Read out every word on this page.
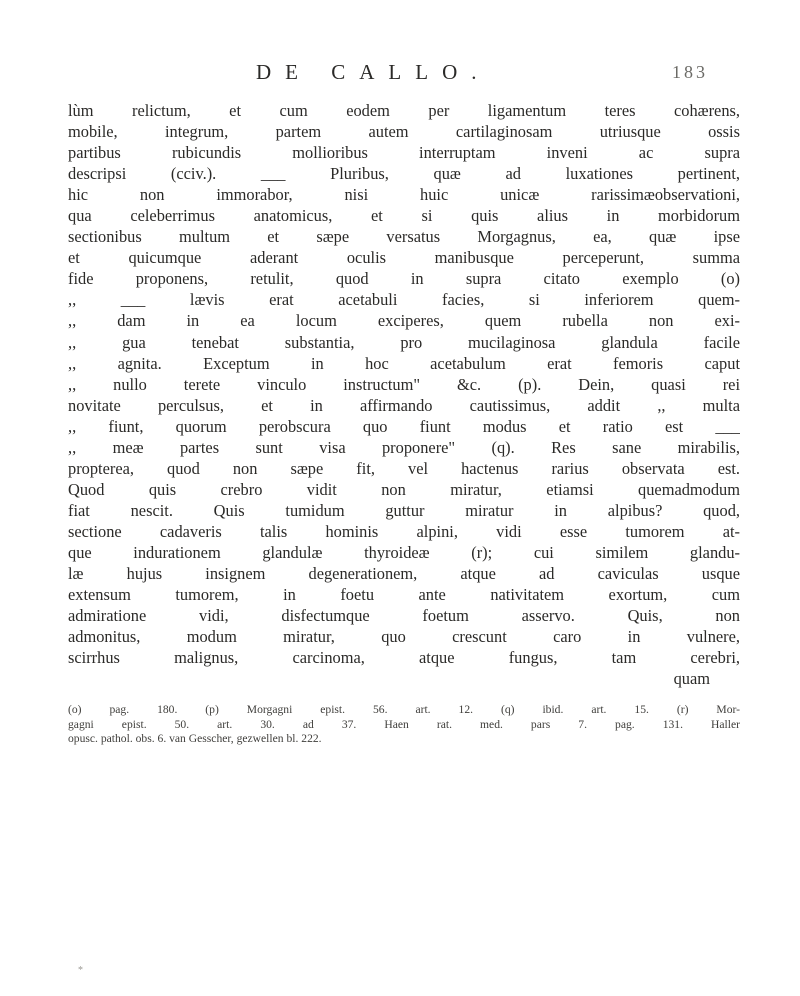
DE CALLO.	183
lùm relictum, et cum eodem per ligamentum teres cohærens,
mobile, integrum, partem autem cartilaginosam utriusque ossis
partibus rubicundis mollioribus interruptam inveni ac supra
descripsi (cciv.). ___ Pluribus, quæ ad luxationes pertinent,
hic non immorabor, nisi huic unicæ rarissimæobservationi,
qua celeberrimus anatomicus, et si quis alius in morbidorum
sectionibus multum et sæpe versatus Morgagnus, ea, quæ ipse
et quicumque aderant oculis manibusque perceperunt, summa
fide proponens, retulit, quod in supra citato exemplo (o)
,, ___ lævis erat acetabuli facies, si inferiorem quem-
,, dam in ea locum exciperes, quem rubella non exi-
,, gua tenebat substantia, pro mucilaginosa glandula facile
,, agnita. Exceptum in hoc acetabulum erat femoris caput
,, nullo terete vinculo instructum" &c. (p). Dein, quasi rei
novitate perculsus, et in affirmando cautissimus, addit ,, multa
,, fiunt, quorum perobscura quo fiunt modus et ratio est ___
,, meæ partes sunt visa proponere" (q). Res sane mirabilis,
propterea, quod non sæpe fit, vel hactenus rarius observata est.
Quod quis crebro vidit non miratur, etiamsi quemadmodum
fiat nescit. Quis tumidum guttur miratur in alpibus? quod,
sectione cadaveris talis hominis alpini, vidi esse tumorem at-
que indurationem glandulæ thyroideæ (r); cui similem glandu-
læ hujus insignem degenerationem, atque ad caviculas usque
extensum tumorem, in foetu ante nativitatem exortum, cum
admiratione vidi, disfectumque foetum asservo. Quis, non
admonitus, modum miratur, quo crescunt caro in vulnere,
scirrhus malignus, carcinoma, atque fungus, tam cerebri,
quam
(o) pag. 180. (p) Morgagni epist. 56. art. 12. (q) ibid. art. 15. (r) Mor-
gagni epist. 50. art. 30. ad 37. Haen rat. med. pars 7. pag. 131. Haller
opusc. pathol. obs. 6. van Gesscher, gezwellen bl. 222.
*
